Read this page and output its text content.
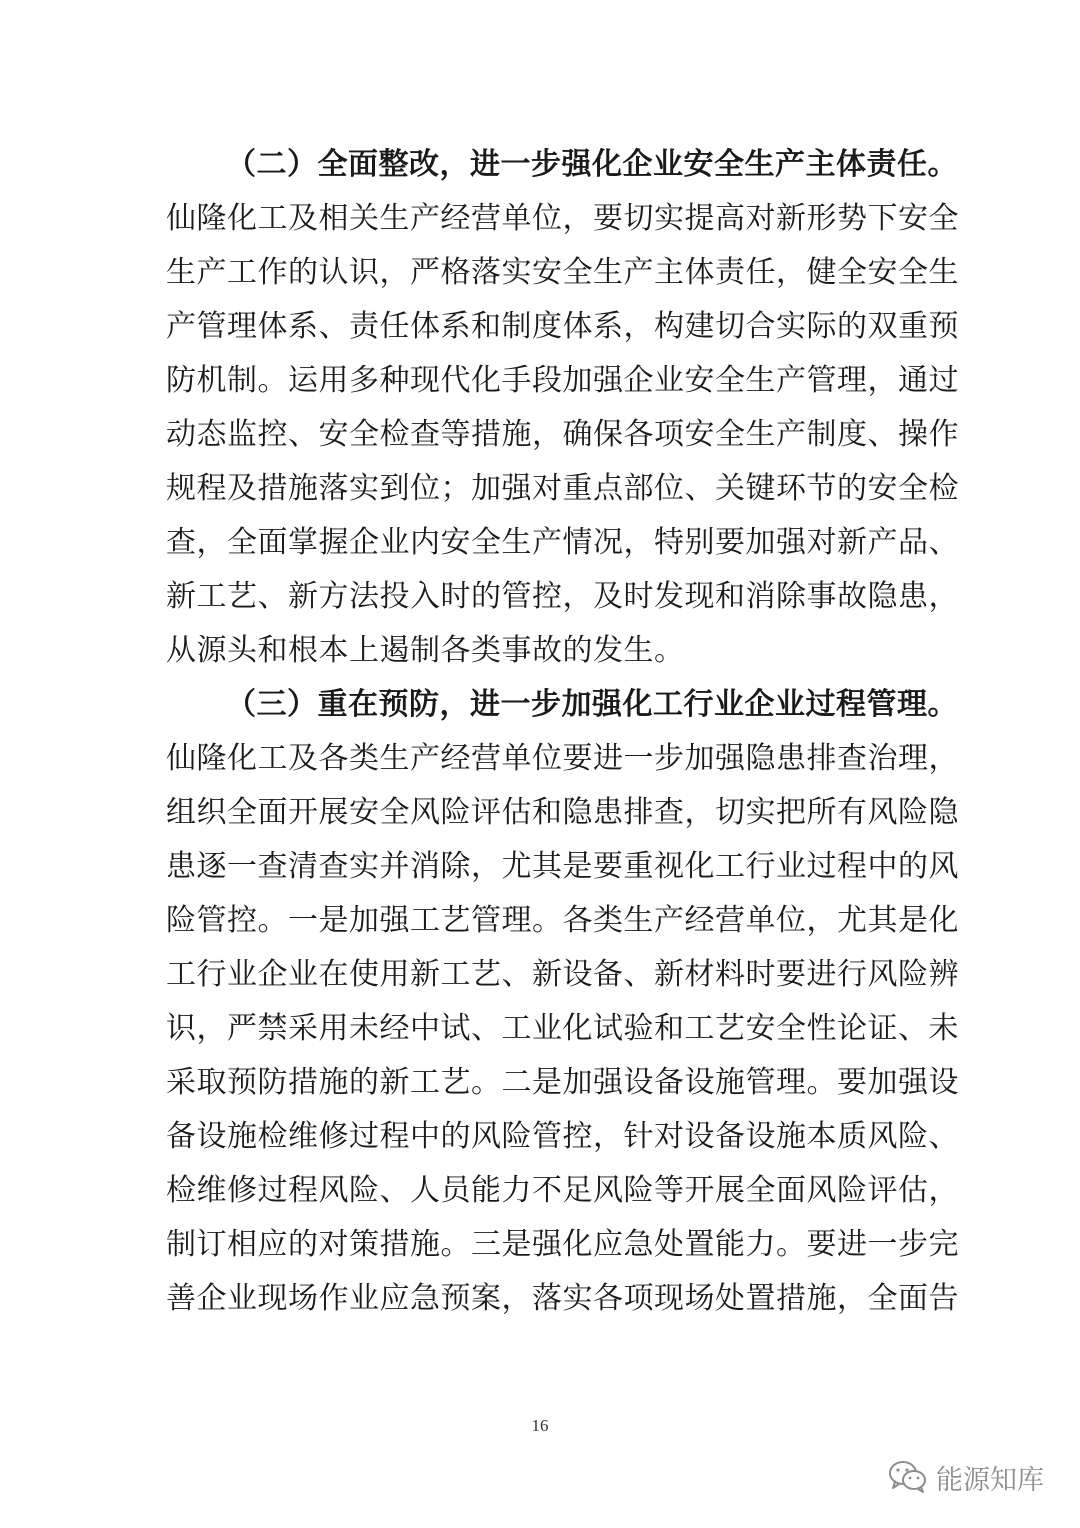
（二）全面整改，进一步强化企业安全生产主体责任。
仙隆化工及相关生产经营单位，要切实提高对新形势下安全
生产工作的认识，严格落实安全生产主体责任，健全安全生
产管理体系、责任体系和制度体系，构建切合实际的双重预
防机制。运用多种现代化手段加强企业安全生产管理，通过
动态监控、安全检查等措施，确保各项安全生产制度、操作
规程及措施落实到位；加强对重点部位、关键环节的安全检
查，全面掌握企业内安全生产情况，特别要加强对新产品、
新工艺、新方法投入时的管控，及时发现和消除事故隐患，
从源头和根本上遏制各类事故的发生。
（三）重在预防，进一步加强化工行业企业过程管理。
仙隆化工及各类生产经营单位要进一步加强隐患排查治理，
组织全面开展安全风险评估和隐患排查，切实把所有风险隐
患逐一查清查实并消除，尤其是要重视化工行业过程中的风
险管控。一是加强工艺管理。各类生产经营单位，尤其是化
工行业企业在使用新工艺、新设备、新材料时要进行风险辨
识，严禁采用未经中试、工业化试验和工艺安全性论证、未
采取预防措施的新工艺。二是加强设备设施管理。要加强设
备设施检维修过程中的风险管控，针对设备设施本质风险、
检维修过程风险、人员能力不足风险等开展全面风险评估，
制订相应的对策措施。三是强化应急处置能力。要进一步完
善企业现场作业应急预案，落实各项现场处置措施，全面告
16
能源知库
